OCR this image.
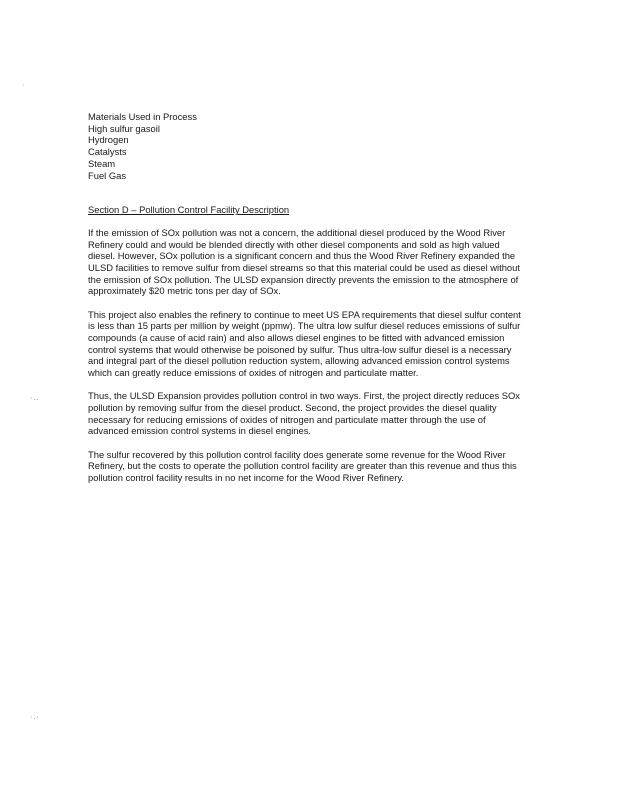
·
·..
·.·
Materials Used in Process
High sulfur gasoil
Hydrogen
Catalysts
Steam
Fuel Gas
Section D – Pollution Control Facility Description

If the emission of SOx pollution was not a concern, the additional diesel produced by the Wood River Refinery could and would be blended directly with other diesel components and sold as high valued diesel. However, SOx pollution is a significant concern and thus the Wood River Refinery expanded the ULSD facilities to remove sulfur from diesel streams so that this material could be used as diesel without the emission of SOx pollution. The ULSD expansion directly prevents the emission to the atmosphere of approximately $20 metric tons per day of SOx.

This project also enables the refinery to continue to meet US EPA requirements that diesel sulfur content is less than 15 parts per million by weight (ppmw). The ultra low sulfur diesel reduces emissions of sulfur compounds (a cause of acid rain) and also allows diesel engines to be fitted with advanced emission control systems that would otherwise be poisoned by sulfur. Thus ultra-low sulfur diesel is a necessary and integral part of the diesel pollution reduction system, allowing advanced emission control systems which can greatly reduce emissions of oxides of nitrogen and particulate matter.

Thus, the ULSD Expansion provides pollution control in two ways. First, the project directly reduces SOx pollution by removing sulfur from the diesel product. Second, the project provides the diesel quality necessary for reducing emissions of oxides of nitrogen and particulate matter through the use of advanced emission control systems in diesel engines.

The sulfur recovered by this pollution control facility does generate some revenue for the Wood River Refinery, but the costs to operate the pollution control facility are greater than this revenue and thus this pollution control facility results in no net income for the Wood River Refinery.
